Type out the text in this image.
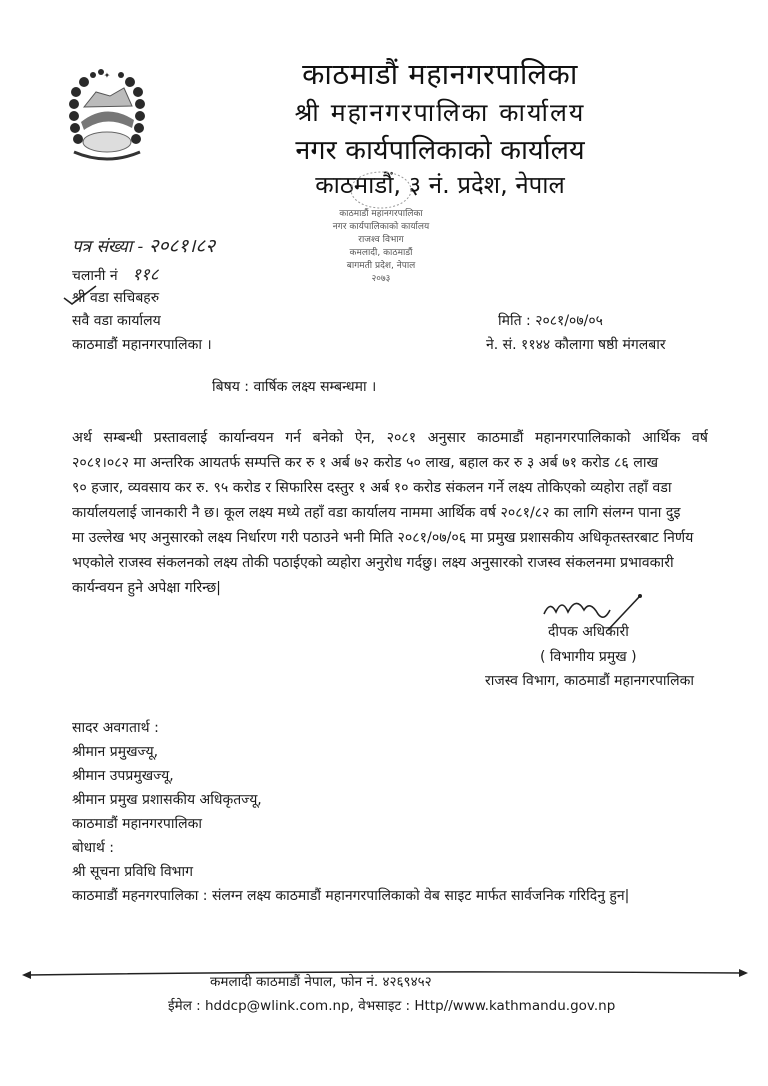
✦	काठमाडौं महानगरपालिका
श्री महानगरपालिका कार्यालय
नगर कार्यपालिकाको कार्यालय
काठमाडौं, ३ नं. प्रदेश, नेपाल
काठमाडौं महानगरपालिका
नगर कार्यपालिकाको कार्यालय
राजश्व विभाग
कमलादी, काठमाडौं
बागमती प्रदेश, नेपाल
२०७३
पत्र संख्या - २०८१।८२
चलानी नं ११८
श्री वडा सचिबहरु
सवै वडा कार्यालय
काठमाडौं महानगरपालिका ।
मिति : २०८१/०७/०५
ने. सं. ११४४ कौलागा षष्ठी मंगलबार
बिषय : वार्षिक लक्ष्य सम्बन्धमा ।
अर्थ सम्बन्धी प्रस्तावलाई कार्यान्वयन गर्न बनेको ऐन, २०८१ अनुसार काठमाडौं महानगरपालिकाको आर्थिक वर्ष
२०८१।०८२ मा अन्तरिक आयतर्फ सम्पत्ति कर रु १ अर्ब ७२ करोड ५० लाख, बहाल कर रु ३ अर्ब ७१ करोड ८६ लाख
९० हजार, व्यवसाय कर रु. ९५ करोड र सिफारिस दस्तुर १ अर्ब १० करोड संकलन गर्ने लक्ष्य तोकिएको व्यहोरा तहाँ वडा
कार्यालयलाई जानकारी नै छ। कूल लक्ष्य मध्ये तहाँ वडा कार्यालय नाममा आर्थिक वर्ष २०८१/८२ का लागि संलग्न पाना दुइ
मा उल्लेख भए अनुसारको लक्ष्य निर्धारण गरी पठाउने भनी मिति २०८१/०७/०६ मा प्रमुख प्रशासकीय अधिकृतस्तरबाट निर्णय
भएकोले राजस्व संकलनको लक्ष्य तोकी पठाईएको व्यहोरा अनुरोध गर्दछु। लक्ष्य अनुसारको राजस्व संकलनमा प्रभावकारी
कार्यन्वयन हुने अपेक्षा गरिन्छ|
दीपक अधिकारी
( विभागीय प्रमुख )
राजस्व विभाग, काठमाडौं महानगरपालिका
सादर अवगतार्थ :
श्रीमान प्रमुखज्यू,
श्रीमान उपप्रमुखज्यू,
श्रीमान प्रमुख प्रशासकीय अधिकृतज्यू,
काठमाडौं महानगरपालिका
बोधार्थ :
श्री सूचना प्रविधि विभाग
काठमाडौं महनगरपालिका : संलग्न लक्ष्य काठमाडौं महानगरपालिकाको वेब साइट मार्फत सार्वजनिक गरिदिनु हुन|
कमलादी काठमाडौं नेपाल, फोन नं. ४२६९४५२
ईमेल : hddcp@wlink.com.np, वेभसाइट : Http//www.kathmandu.gov.np
